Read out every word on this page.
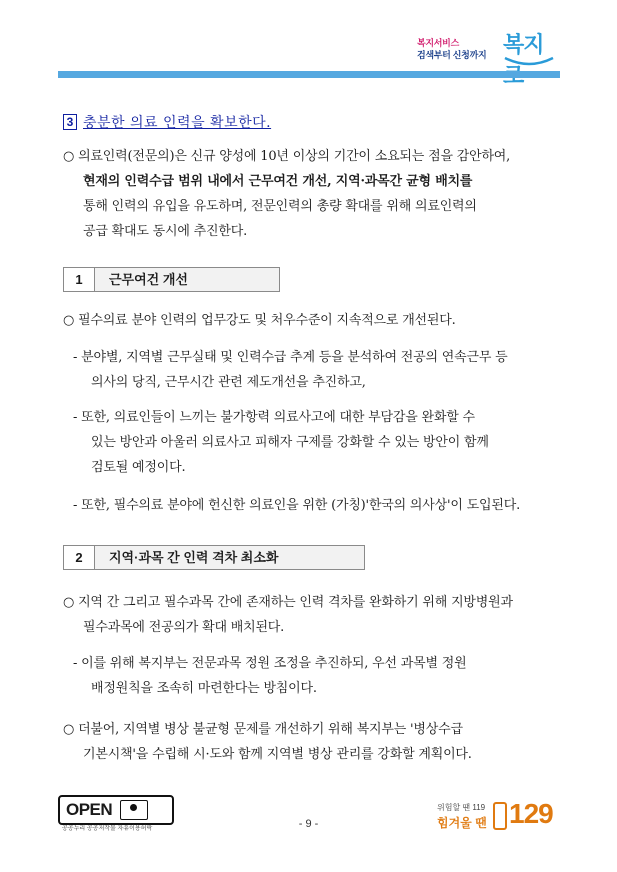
복지서비스
검색부터 신청까지 복지
3 충분한 의료 인력을 확보한다.
○ 의료인력(전문의)은 신규 양성에 10년 이상의 기간이 소요되는 점을 감안하여,
현재의 인력수급 범위 내에서 근무여건 개선, 지역·과목간 균형 배치를
통해 인력의 유입을 유도하며, 전문인력의 총량 확대를 위해 의료인력의
공급 확대도 동시에 추진한다.
1	근무여건 개선
○ 필수의료 분야 인력의 업무강도 및 처우수준이 지속적으로 개선된다.
- 분야별, 지역별 근무실태 및 인력수급 추계 등을 분석하여 전공의 연속근무 등
의사의 당직, 근무시간 관련 제도개선을 추진하고,
- 또한, 의료인들이 느끼는 불가항력 의료사고에 대한 부담감을 완화할 수
있는 방안과 아울러 의료사고 피해자 구제를 강화할 수 있는 방안이 함께
검토될 예정이다.
- 또한, 필수의료 분야에 헌신한 의료인을 위한 (가칭)'한국의 의사상'이 도입된다.
2	지역·과목 간 인력 격차 최소화
○ 지역 간 그리고 필수과목 간에 존재하는 인력 격차를 완화하기 위해 지방병원과
필수과목에 전공의가 확대 배치된다.
- 이를 위해 복지부는 전문과목 정원 조정을 추진하되, 우선 과목별 정원
배정원칙을 조속히 마련한다는 방침이다.
○ 더불어, 지역별 병상 불균형 문제를 개선하기 위해 복지부는 '병상수급
기본시책'을 수립해 시·도와 함께 지역별 병상 관리를 강화할 계획이다.
OPEN
공공누리 공공저작물 자유이용허락	- 9 -
위험할 땐 119
힘겨울 땐 129
